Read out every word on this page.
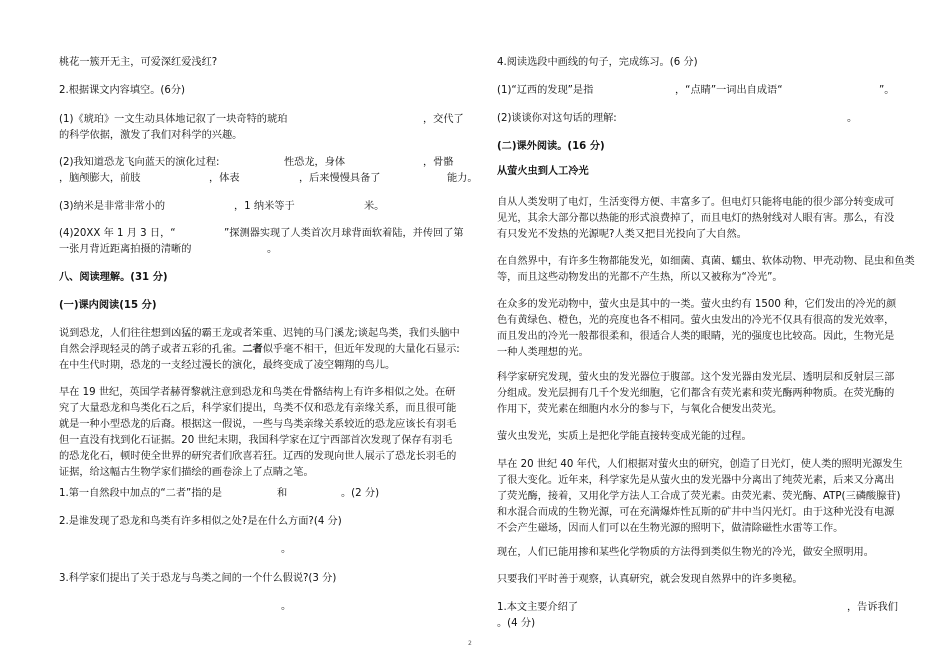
桃花一簇开无主，可爱深红爱浅红?
2.根据课文内容填空。(6分)
(1)《琥珀》一文生动具体地记叙了一块奇特的琥珀	，交代了
的科学依据，激发了我们对科学的兴趣。
(2)我知道恐龙飞向蓝天的演化过程:	性恐龙，身体	，骨骼
，脑颅膨大，前肢	，体表	，后来慢慢具备了	能力。
(3)纳米是非常非常小的	，1 纳米等于	米。
(4)20XX 年 1 月 3 日，“	”探测器实现了人类首次月球背面软着陆，并传回了第
一张月背近距离拍摄的清晰的	。
八、阅读理解。(31 分)
(一)课内阅读(15 分)
说到恐龙，人们往往想到凶猛的霸王龙或者笨重、迟钝的马门溪龙;谈起鸟类，我们头脑中
自然会浮现轻灵的鸽子或者五彩的孔雀。二者似乎毫不相干，但近年发现的大量化石显示:
在中生代时期，恐龙的一支经过漫长的演化，最终变成了凌空翱翔的鸟儿。
早在 19 世纪，英国学者赫胥黎就注意到恐龙和鸟类在骨骼结构上有许多相似之处。在研
究了大量恐龙和鸟类化石之后，科学家们提出，鸟类不仅和恐龙有亲缘关系，而且很可能
就是一种小型恐龙的后裔。根据这一假说，一些与鸟类亲缘关系较近的恐龙应该长有羽毛
但一直没有找到化石证据。20 世纪末期，我国科学家在辽宁西部首次发现了保存有羽毛
的恐龙化石，顿时使全世界的研究者们欣喜若狂。辽西的发现向世人展示了恐龙长羽毛的
证据，给这幅古生物学家们描绘的画卷涂上了点睛之笔。
1.第一自然段中加点的“二者”指的是	和	。(2 分)
2.是谁发现了恐龙和鸟类有许多相似之处?是在什么方面?(4 分)
。
3.科学家们提出了关于恐龙与鸟类之间的一个什么假说?(3 分)
。
4.阅读选段中画线的句子，完成练习。(6 分)
(1)“辽西的发现”是指	，“点睛”一词出自成语“	”。
(2)谈谈你对这句话的理解:	。
(二)课外阅读。(16 分)
从萤火虫到人工冷光
自从人类发明了电灯，生活变得方便、丰富多了。但电灯只能将电能的很少部分转变成可
见光，其余大部分都以热能的形式浪费掉了，而且电灯的热射线对人眼有害。那么，有没
有只发光不发热的光源呢?人类又把目光投向了大自然。
在自然界中，有许多生物都能发光，如细菌、真菌、蠕虫、软体动物、甲壳动物、昆虫和鱼类
等，而且这些动物发出的光都不产生热，所以又被称为“冷光”。
在众多的发光动物中，萤火虫是其中的一类。萤火虫约有 1500 种，它们发出的冷光的颜
色有黄绿色、橙色，光的亮度也各不相同。萤火虫发出的冷光不仅具有很高的发光效率，
而且发出的冷光一般都很柔和，很适合人类的眼睛，光的强度也比较高。因此，生物光是
一种人类理想的光。
科学家研究发现，萤火虫的发光器位于腹部。这个发光器由发光层、透明层和反射层三部
分组成。发光层拥有几千个发光细胞，它们都含有荧光素和荧光酶两种物质。在荧光酶的
作用下，荧光素在细胞内水分的参与下，与氧化合便发出荧光。
萤火虫发光，实质上是把化学能直接转变成光能的过程。
早在 20 世纪 40 年代，人们根据对萤火虫的研究，创造了日光灯，使人类的照明光源发生
了很大变化。近年来，科学家先是从萤火虫的发光器中分离出了纯荧光素，后来又分离出
了荧光酶，接着，又用化学方法人工合成了荧光素。由荧光素、荧光酶、ATP(三磷酸腺苷)
和水混合而成的生物光源，可在充满爆炸性瓦斯的矿井中当闪光灯。由于这种光没有电源
不会产生磁场，因而人们可以在生物光源的照明下，做清除磁性水雷等工作。
现在，人们已能用掺和某些化学物质的方法得到类似生物光的冷光，做安全照明用。
只要我们平时善于观察，认真研究，就会发现自然界中的许多奥秘。
1.本文主要介绍了	，告诉我们
。(4 分)
2
